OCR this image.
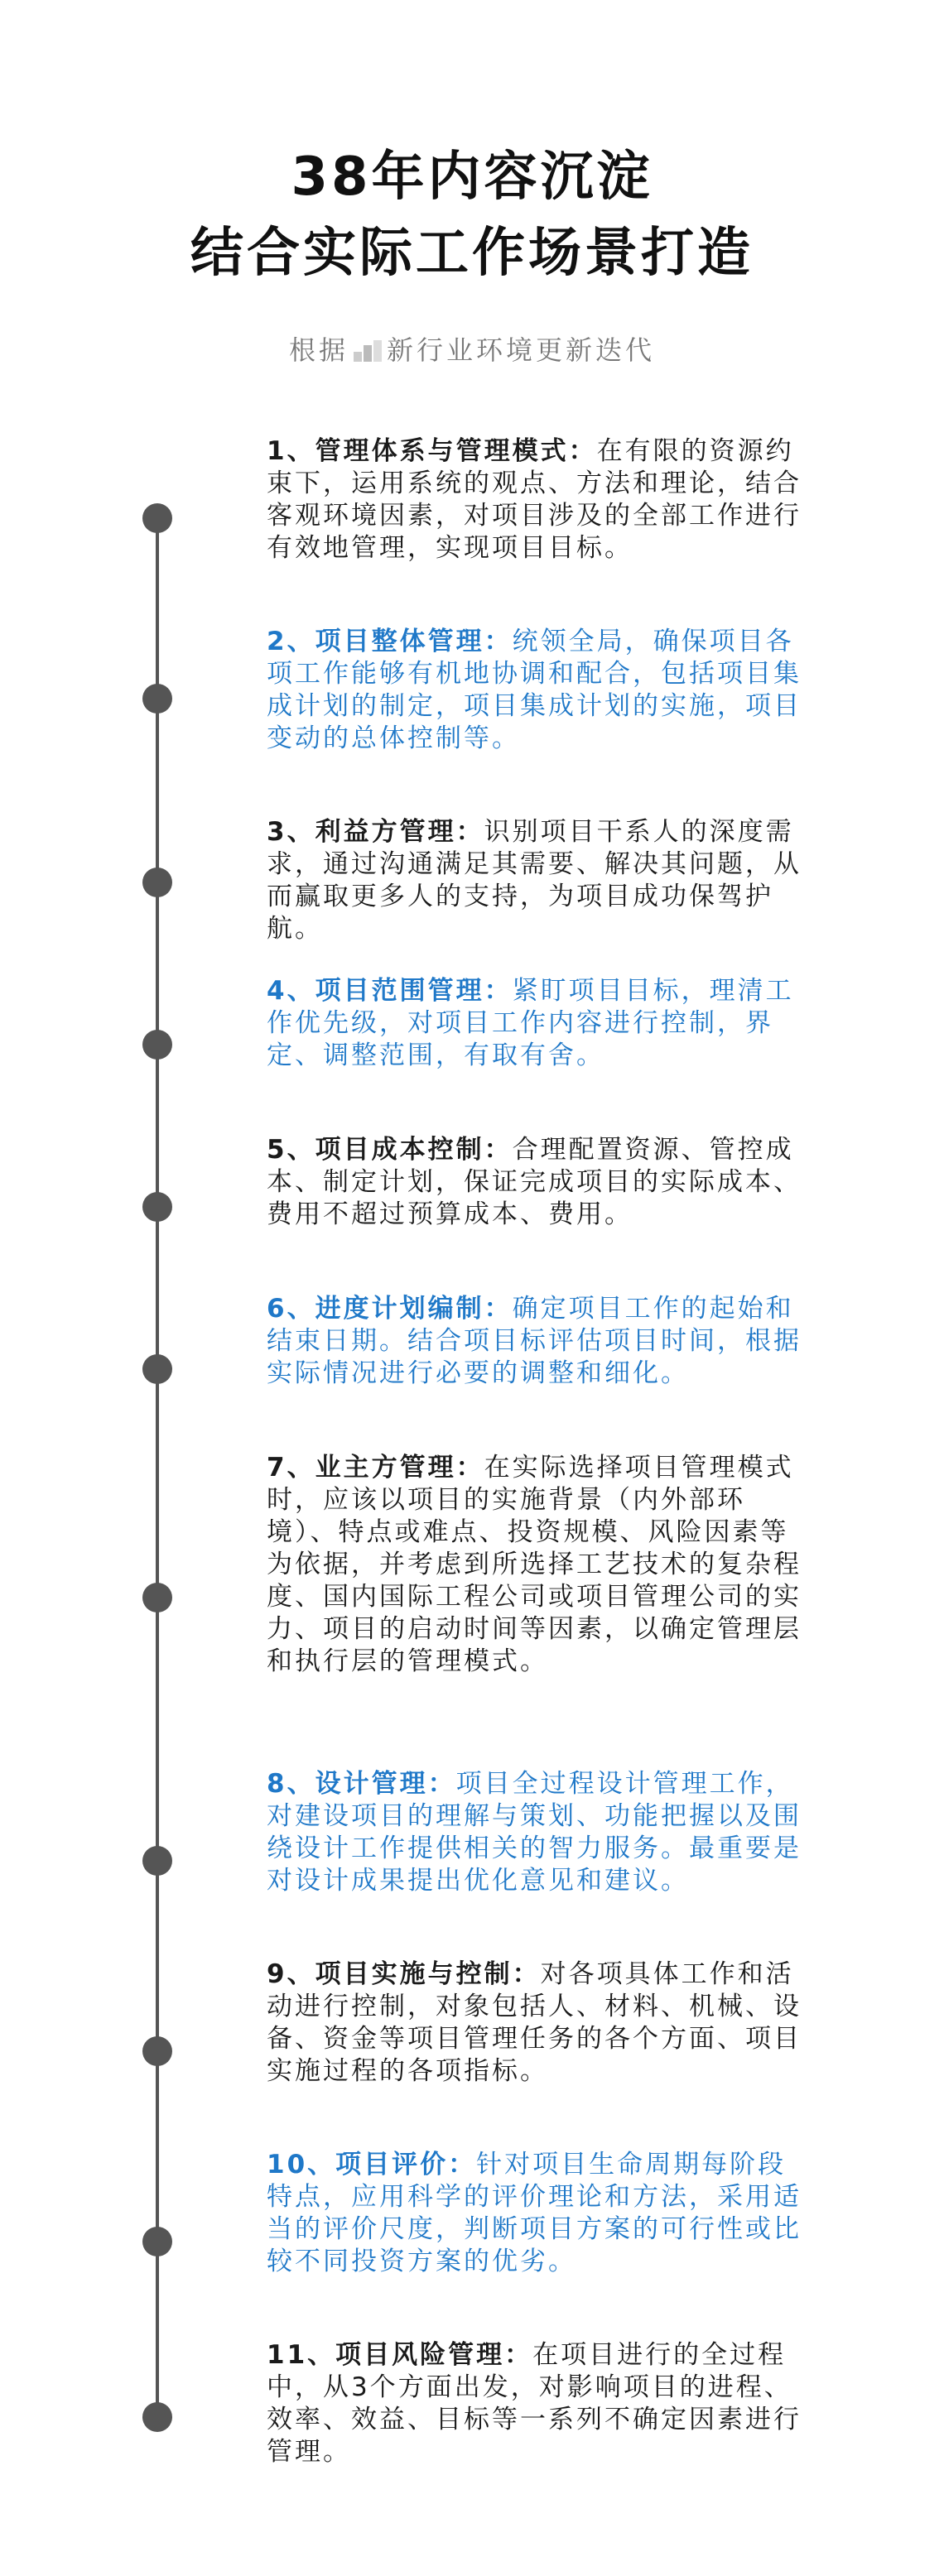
38年内容沉淀
结合实际工作场景打造
根据 新行业环境更新迭代
1、管理体系与管理模式：在有限的资源约束下，运用系统的观点、方法和理论，结合客观环境因素，对项目涉及的全部工作进行有效地管理，实现项目目标。
2、项目整体管理：统领全局，确保项目各项工作能够有机地协调和配合，包括项目集成计划的制定，项目集成计划的实施，项目变动的总体控制等。
3、利益方管理：识别项目干系人的深度需求，通过沟通满足其需要、解决其问题，从而赢取更多人的支持，为项目成功保驾护航。
4、项目范围管理：紧盯项目目标，理清工作优先级，对项目工作内容进行控制，界定、调整范围，有取有舍。
5、项目成本控制：合理配置资源、管控成本、制定计划，保证完成项目的实际成本、费用不超过预算成本、费用。
6、进度计划编制：确定项目工作的起始和结束日期。结合项目标评估项目时间，根据实际情况进行必要的调整和细化。
7、业主方管理：在实际选择项目管理模式时，应该以项目的实施背景（内外部环境）、特点或难点、投资规模、风险因素等为依据，并考虑到所选择工艺技术的复杂程度、国内国际工程公司或项目管理公司的实力、项目的启动时间等因素，以确定管理层和执行层的管理模式。
8、设计管理：项目全过程设计管理工作，对建设项目的理解与策划、功能把握以及围绕设计工作提供相关的智力服务。最重要是对设计成果提出优化意见和建议。
9、项目实施与控制：对各项具体工作和活动进行控制，对象包括人、材料、机械、设备、资金等项目管理任务的各个方面、项目实施过程的各项指标。
10、项目评价：针对项目生命周期每阶段特点，应用科学的评价理论和方法，采用适当的评价尺度，判断项目方案的可行性或比较不同投资方案的优劣。
11、项目风险管理：在项目进行的全过程中，从3个方面出发，对影响项目的进程、效率、效益、目标等一系列不确定因素进行管理。
